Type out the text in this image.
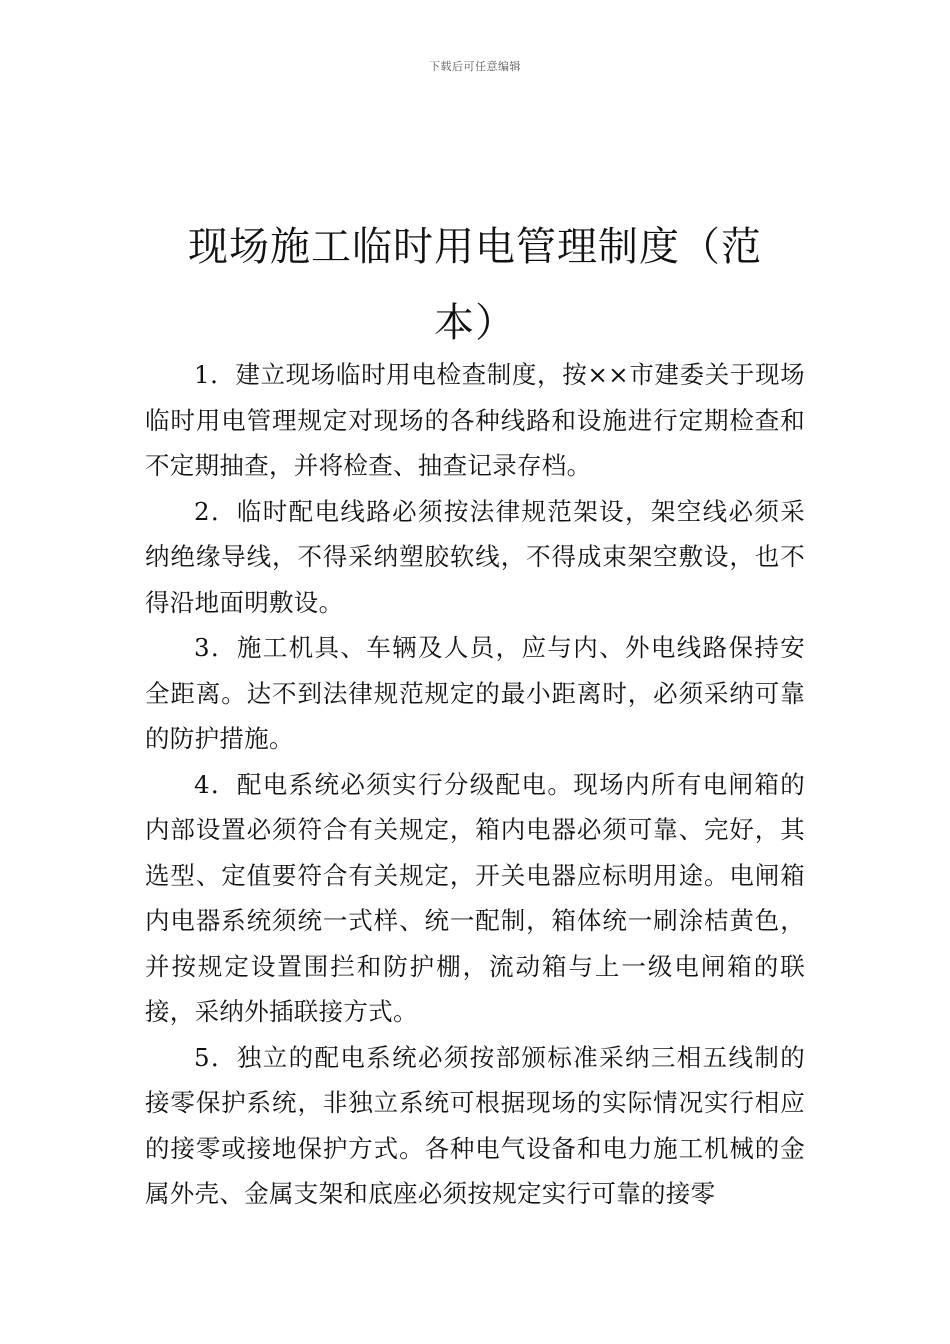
下载后可任意编辑
现场施工临时用电管理制度（范
本）

1．建立现场临时用电检查制度，按××市建委关于现场临时用电管理规定对现场的各种线路和设施进行定期检查和不定期抽查，并将检查、抽查记录存档。

2．临时配电线路必须按法律规范架设，架空线必须采纳绝缘导线，不得采纳塑胶软线，不得成束架空敷设，也不得沿地面明敷设。

3．施工机具、车辆及人员，应与内、外电线路保持安全距离。达不到法律规范规定的最小距离时，必须采纳可靠的防护措施。

4．配电系统必须实行分级配电。现场内所有电闸箱的内部设置必须符合有关规定，箱内电器必须可靠、完好，其选型、定值要符合有关规定，开关电器应标明用途。电闸箱内电器系统须统一式样、统一配制，箱体统一刷涂桔黄色，并按规定设置围拦和防护棚，流动箱与上一级电闸箱的联接，采纳外插联接方式。

5．独立的配电系统必须按部颁标准采纳三相五线制的接零保护系统，非独立系统可根据现场的实际情况实行相应的接零或接地保护方式。各种电气设备和电力施工机械的金属外壳、金属支架和底座必须按规定实行可靠的接零
